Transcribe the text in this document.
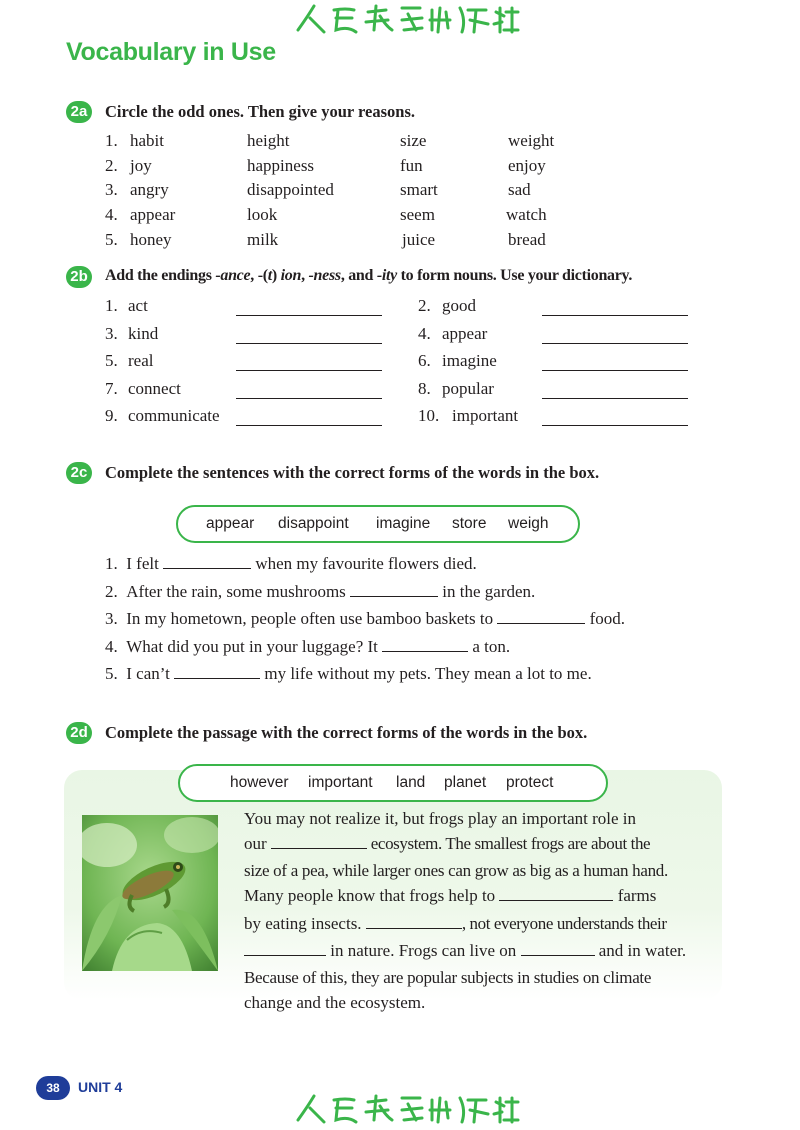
Vocabulary in Use
2a Circle the odd ones. Then give your reasons.
1. habit	height	size	weight
2. joy	happiness	fun	enjoy
3. angry	disappointed	smart	sad
4. appear	look	seem	watch
5. honey	milk	juice	bread
2b Add the endings -ance, -(t) ion, -ness, and -ity to form nouns. Use your dictionary.
1. act	2. good
3. kind	4. appear
5. real	6. imagine
7. connect	8. popular
9. communicate	10. important
2c Complete the sentences with the correct forms of the words in the box.
appear disappoint imagine store weigh
1. I felt	when my favourite flowers died.
2. After the rain, some mushrooms	in the garden.
3. In my hometown, people often use bamboo baskets to	food.
4. What did you put in your luggage? It	a ton.
5. I can’t	my life without my pets. They mean a lot to me.
2d Complete the passage with the correct forms of the words in the box.
however important land planet protect
You may not realize it, but frogs play an important role in
our	ecosystem. The smallest frogs are about the
size of a pea, while larger ones can grow as big as a human hand.
Many people know that frogs help to	farms
by eating insects.	, not everyone understands their
in nature. Frogs can live on	and in water.
Because of this, they are popular subjects in studies on climate
change and the ecosystem.
38	UNIT 4
